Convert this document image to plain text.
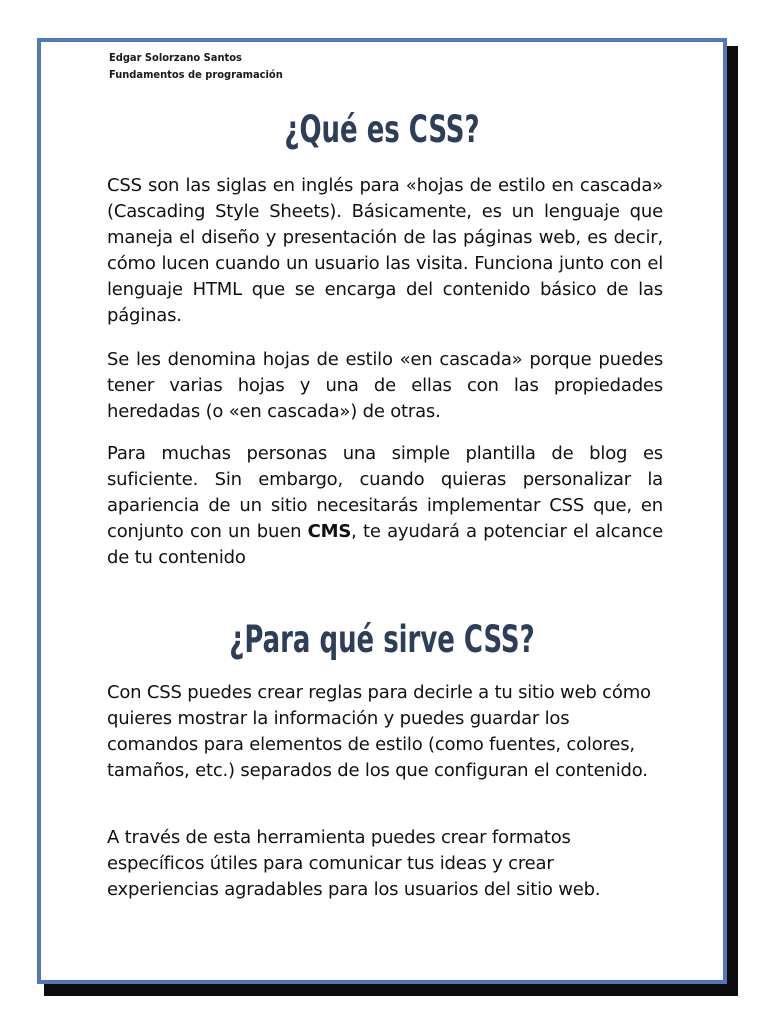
Edgar Solorzano Santos
Fundamentos de programación
¿Qué es CSS?

CSS son las siglas en inglés para «hojas de estilo en cascada» (Cascading Style Sheets). Básicamente, es un lenguaje que maneja el diseño y presentación de las páginas web, es decir, cómo lucen cuando un usuario las visita. Funciona junto con el lenguaje HTML que se encarga del contenido básico de las páginas.

Se les denomina hojas de estilo «en cascada» porque puedes tener varias hojas y una de ellas con las propiedades heredadas (o «en cascada») de otras.

Para muchas personas una simple plantilla de blog es suficiente. Sin embargo, cuando quieras personalizar la apariencia de un sitio necesitarás implementar CSS que, en conjunto con un buen CMS, te ayudará a potenciar el alcance de tu contenido

¿Para qué sirve CSS?

Con CSS puedes crear reglas para decirle a tu sitio web cómo quieres mostrar la información y puedes guardar los comandos para elementos de estilo (como fuentes, colores, tamaños, etc.) separados de los que configuran el contenido.

A través de esta herramienta puedes crear formatos específicos útiles para comunicar tus ideas y crear experiencias agradables para los usuarios del sitio web.
